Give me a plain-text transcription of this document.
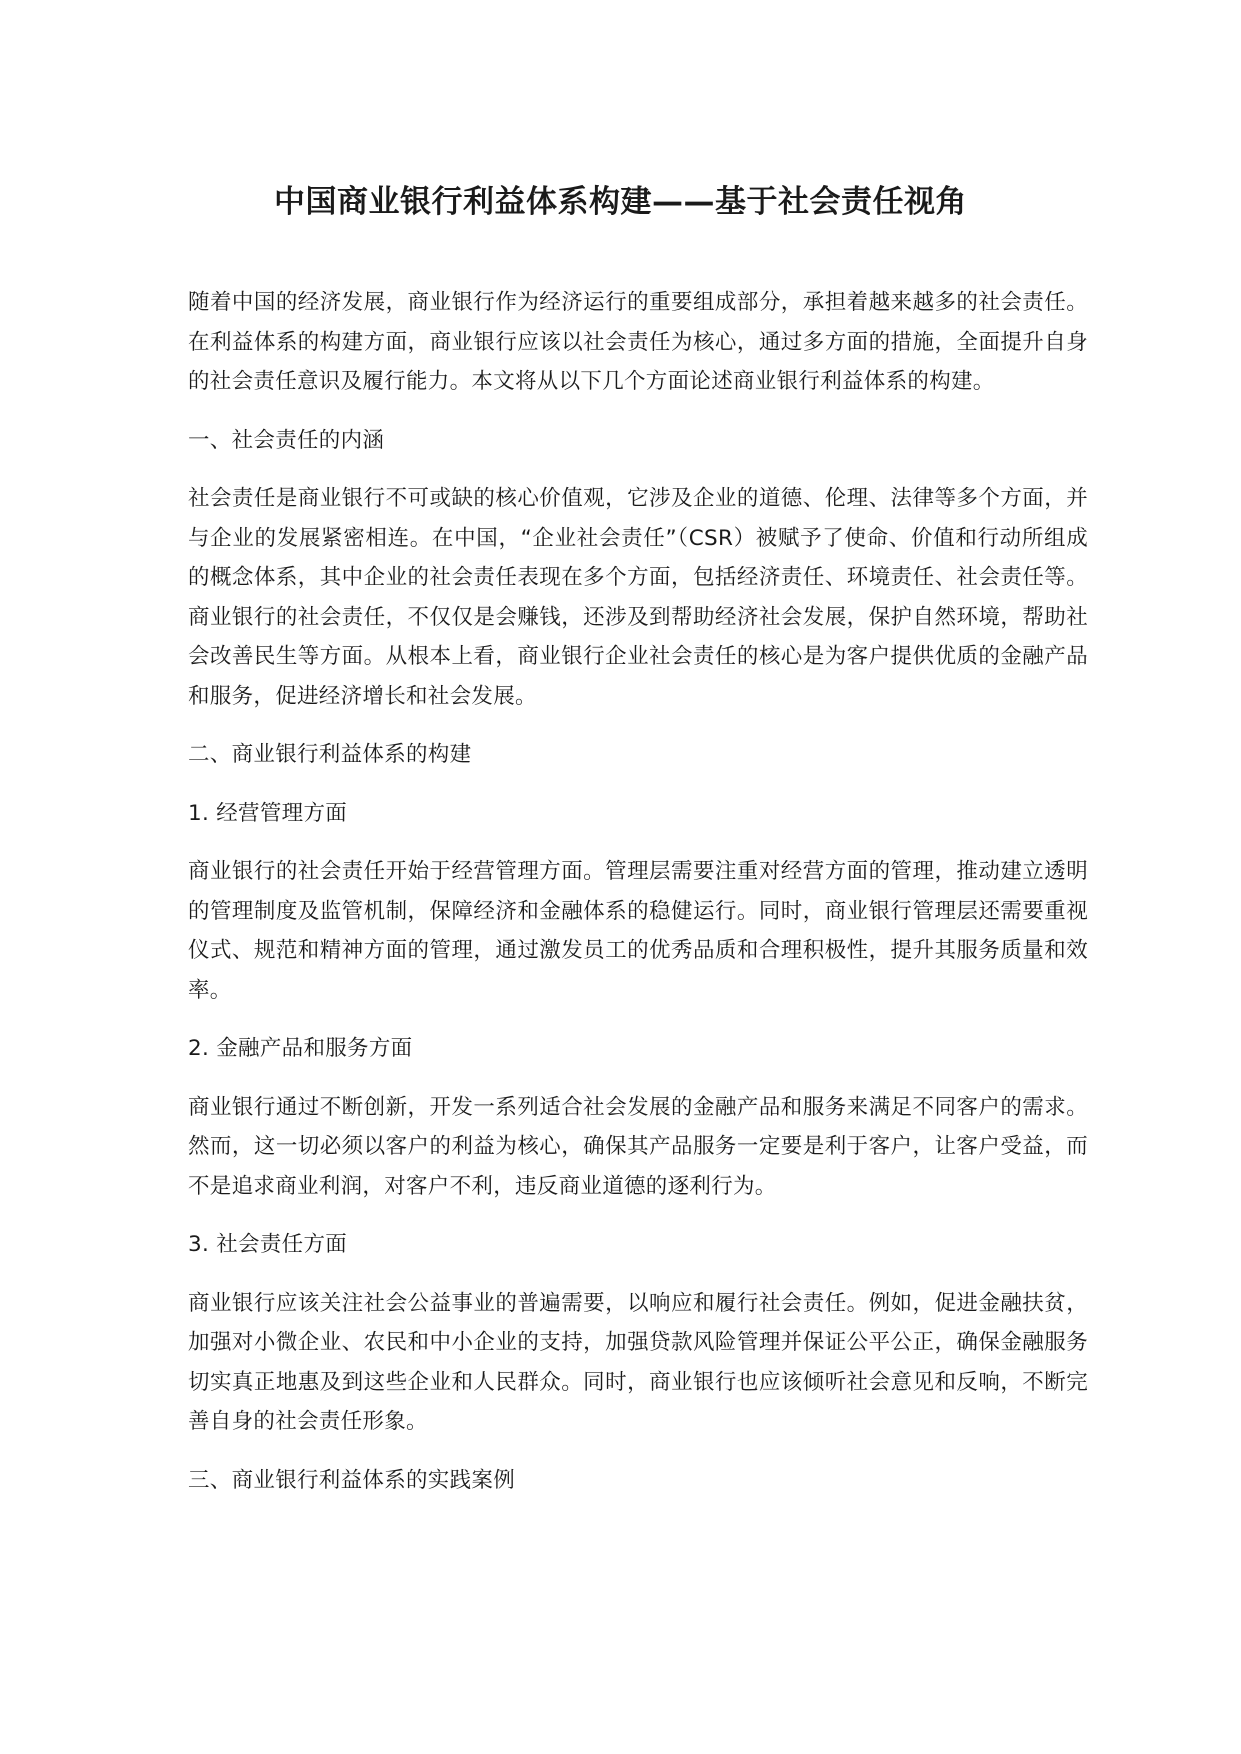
中国商业银行利益体系构建——基于社会责任视角

随着中国的经济发展，商业银行作为经济运行的重要组成部分，承担着越来越多的社会责任。在利益体系的构建方面，商业银行应该以社会责任为核心，通过多方面的措施，全面提升自身的社会责任意识及履行能力。本文将从以下几个方面论述商业银行利益体系的构建。

一、社会责任的内涵

社会责任是商业银行不可或缺的核心价值观，它涉及企业的道德、伦理、法律等多个方面，并与企业的发展紧密相连。在中国，“企业社会责任”（CSR）被赋予了使命、价值和行动所组成的概念体系，其中企业的社会责任表现在多个方面，包括经济责任、环境责任、社会责任等。商业银行的社会责任，不仅仅是会赚钱，还涉及到帮助经济社会发展，保护自然环境，帮助社会改善民生等方面。从根本上看，商业银行企业社会责任的核心是为客户提供优质的金融产品和服务，促进经济增长和社会发展。

二、商业银行利益体系的构建

1. 经营管理方面

商业银行的社会责任开始于经营管理方面。管理层需要注重对经营方面的管理，推动建立透明的管理制度及监管机制，保障经济和金融体系的稳健运行。同时，商业银行管理层还需要重视仪式、规范和精神方面的管理，通过激发员工的优秀品质和合理积极性，提升其服务质量和效率。

2. 金融产品和服务方面

商业银行通过不断创新，开发一系列适合社会发展的金融产品和服务来满足不同客户的需求。然而，这一切必须以客户的利益为核心，确保其产品服务一定要是利于客户，让客户受益，而不是追求商业利润，对客户不利，违反商业道德的逐利行为。

3. 社会责任方面

商业银行应该关注社会公益事业的普遍需要，以响应和履行社会责任。例如，促进金融扶贫，加强对小微企业、农民和中小企业的支持，加强贷款风险管理并保证公平公正，确保金融服务切实真正地惠及到这些企业和人民群众。同时，商业银行也应该倾听社会意见和反响，不断完善自身的社会责任形象。

三、商业银行利益体系的实践案例
